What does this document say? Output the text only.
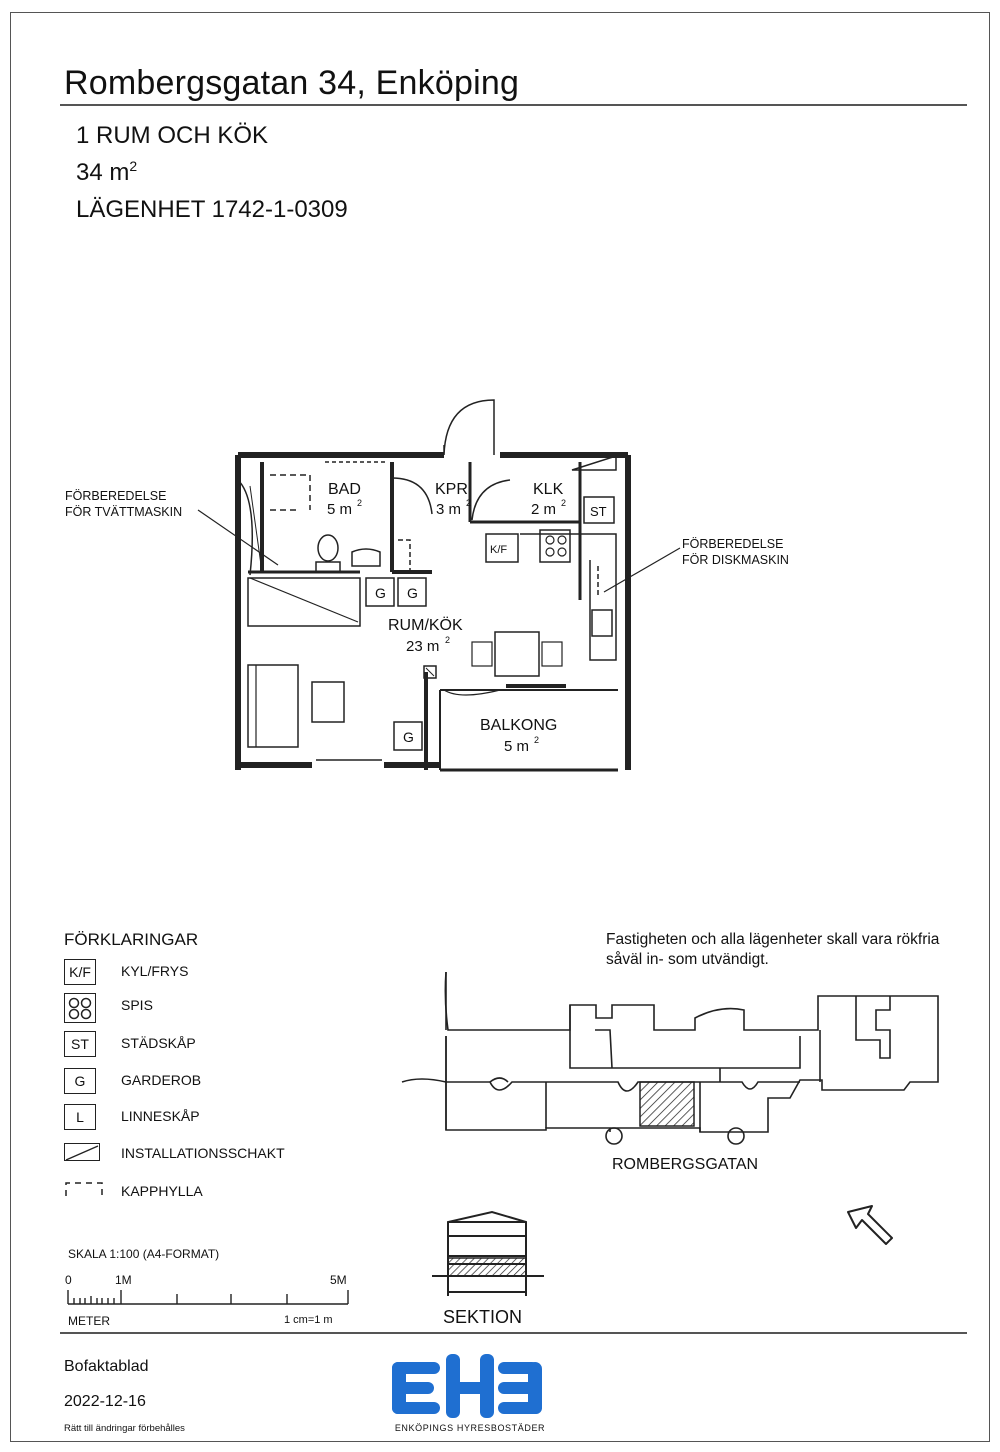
Rombergsgatan 34, Enköping
1 RUM OCH KÖK
34 $m^2$
LÄGENHET 1742-1-0309
BAD
5 m 2
KPR
3 m 2
KLK
2 m 2
RUM/KÖK
23 m 2
BALKONG
5 m 2
K/F
ST
G G
G
FÖRBEREDELSE
FÖR TVÄTTMASKIN
FÖRBEREDELSE
FÖR DISKMASKIN
FÖRKLARINGAR
K/F	KYL/FRYS
SPIS
ST	STÄDSKÅP
G	GARDEROB
L	LINNESKÅP
INSTALLATIONSSCHAKT
KAPPHYLLA
Fastigheten och alla lägenheter skall vara rökfria såväl in- som utvändigt.
ROMBERGSGATAN
SKALA 1:100 (A4-FORMAT)
0	1M	5M
METER	1 cm=1 m	SEKTION
Bofaktablad
2022-12-16
Rätt till ändringar förbehålles	ENKÖPINGS HYRESBOSTÄDER
